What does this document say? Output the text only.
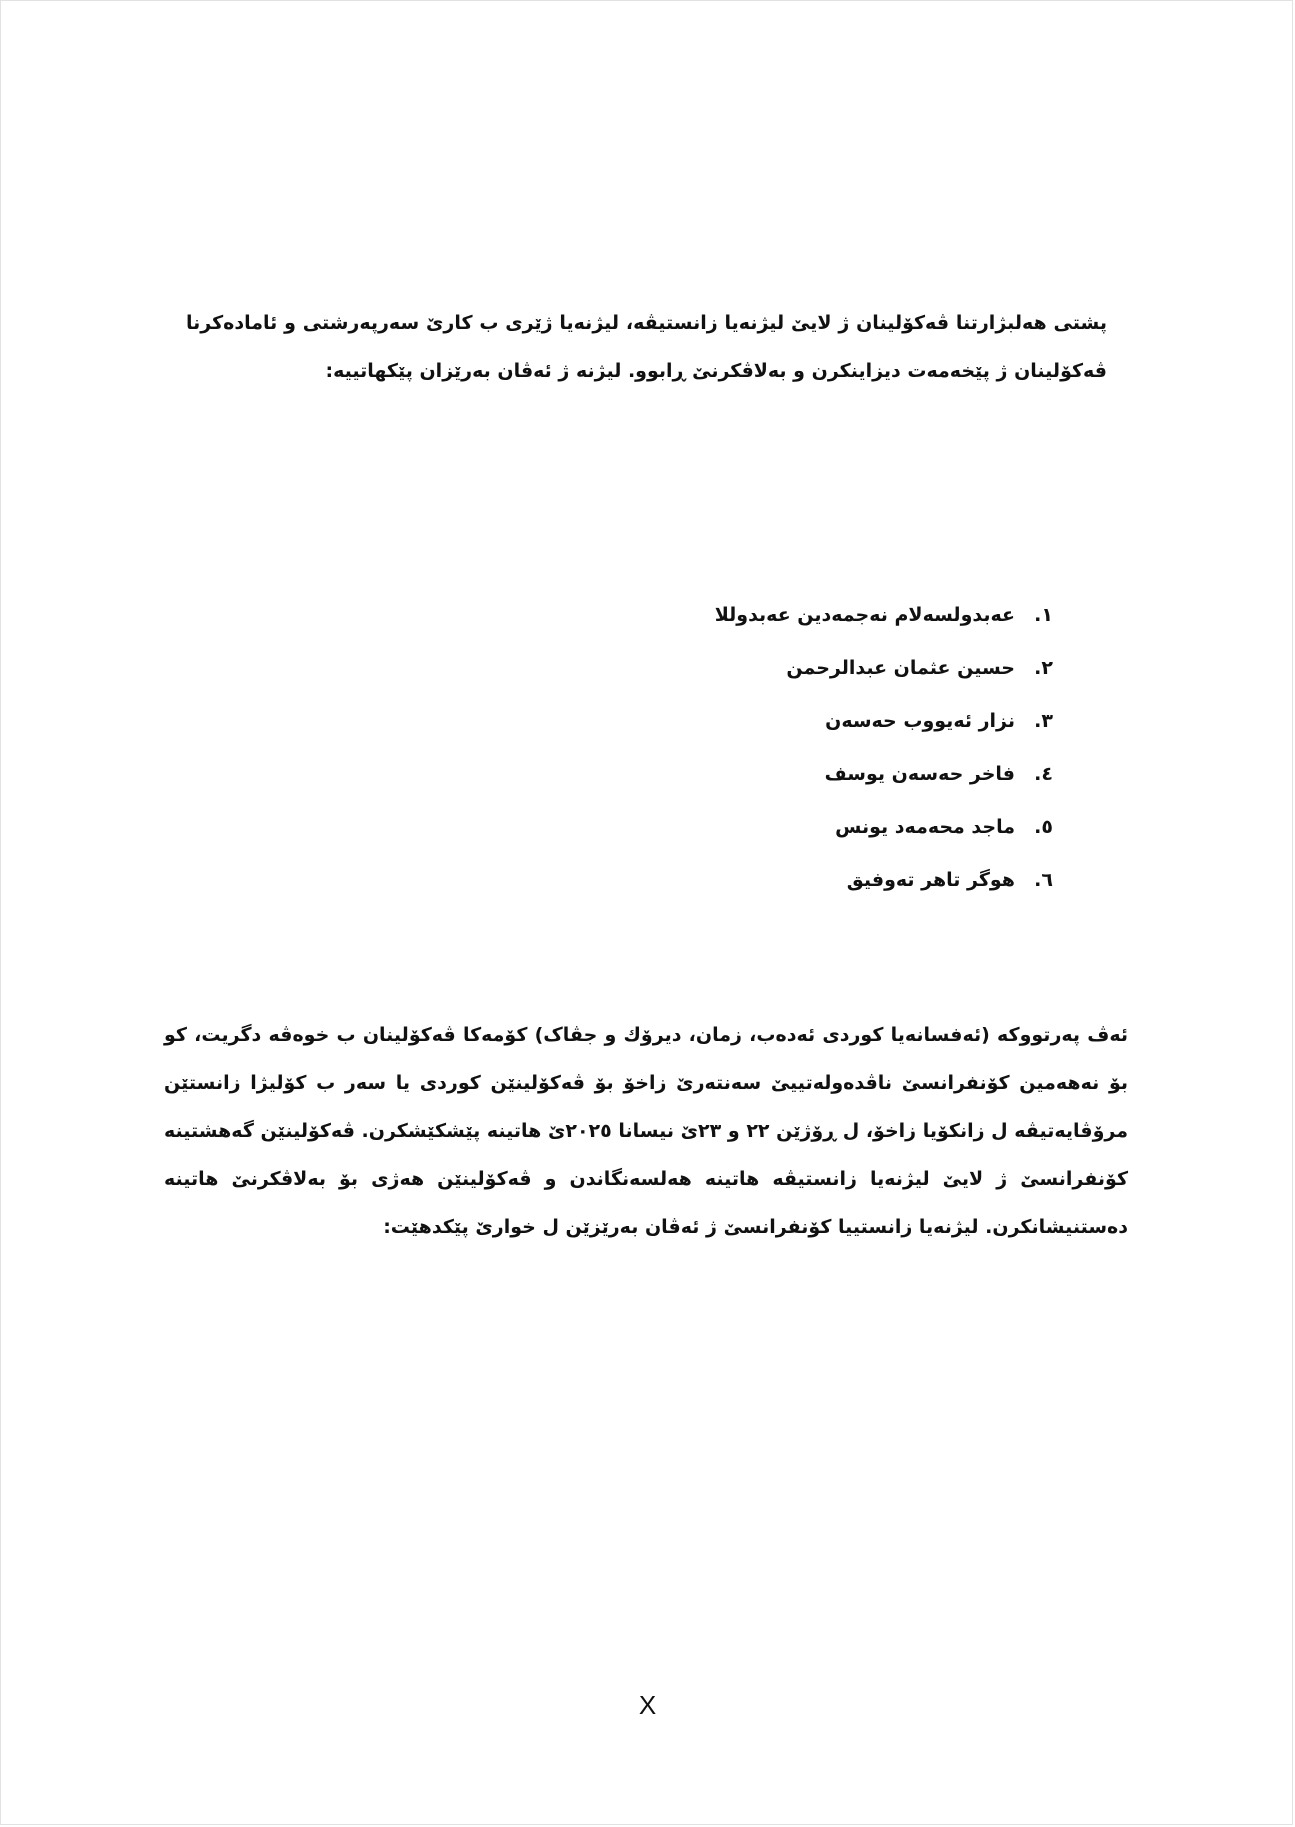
پشتی هەلبژارتنا ڤەکۆلینان ژ لایێ لیژنەیا زانستیڤە، لیژنەیا ژێری ب کارێ سەرپەرشتی و ئامادەکرنا ڤەکۆلینان ژ پێخەمەت دیزاینکرن و بەلاڤکرنێ ڕابوو. لیژنە ژ ئەڤان بەرێزان پێکهاتییە:

١.
عەبدولسەلام نەجمەدین عەبدوللا
٢.
حسین عثمان عبدالرحمن
٣.
نزار ئەیووب حەسەن
٤.
فاخر حەسەن یوسف
٥.
ماجد محەمەد یونس
٦.
هوگر تاهر تەوفیق

ئەڤ پەرتووکە (ئەفسانەیا کوردی ئەدەب، زمان، دیرۆك و جڤاک) کۆمەکا ڤەکۆلینان ب خوەڤە دگریت، کو بۆ نەهەمین کۆنفرانسێ ناڤدەولەتییێ سەنتەرێ زاخۆ بۆ ڤەکۆلینێن کوردی یا سەر ب کۆلیژا زانستێن مرۆڤایەتیڤە ل زانکۆیا زاخۆ، ل ڕۆژێن ٢٢ و ٢٣ێ نیسانا ٢٠٢٥ێ هاتینە پێشکێشکرن. ڤەکۆلینێن گەهشتینە کۆنفرانسێ ژ لایێ لیژنەیا زانستیڤە هاتینە هەلسەنگاندن و ڤەکۆلینێن هەژی بۆ بەلاڤکرنێ هاتینە دەستنیشانکرن. لیژنەیا زانستییا کۆنفرانسێ ژ ئەڤان بەرێزێن ل خوارێ پێکدهێت:

X
